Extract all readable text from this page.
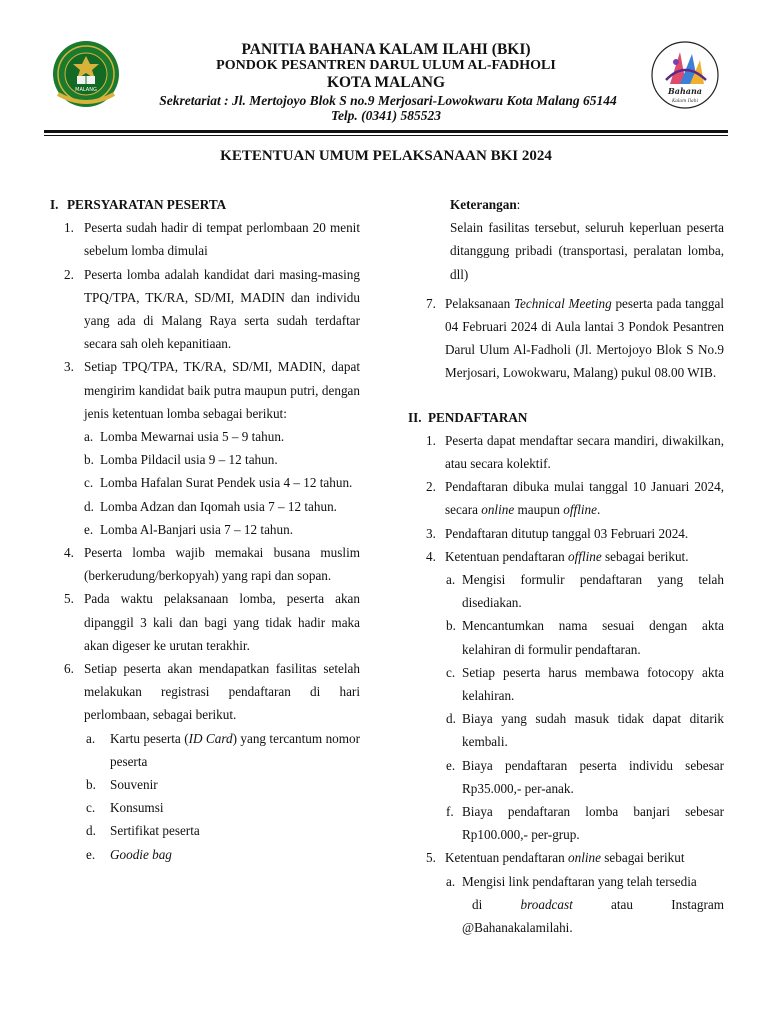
MALANG	Bahana
Kalam Ilahi
PANITIA BAHANA KALAM ILAHI (BKI)
PONDOK PESANTREN DARUL ULUM AL-FADHOLI
KOTA MALANG
Sekretariat : Jl. Mertojoyo Blok S no.9 Merjosari-Lowokwaru Kota Malang 65144
Telp. (0341) 585523
KETENTUAN UMUM PELAKSANAAN BKI 2024
I. PERSYARATAN PESERTA
1. Peserta sudah hadir di tempat perlombaan 20 menit sebelum lomba dimulai
2. Peserta lomba adalah kandidat dari masing-masing TPQ/TPA, TK/RA, SD/MI, MADIN dan individu yang ada di Malang Raya serta sudah terdaftar secara sah oleh kepanitiaan.
3. Setiap TPQ/TPA, TK/RA, SD/MI, MADIN, dapat mengirim kandidat baik putra maupun putri, dengan jenis ketentuan lomba sebagai berikut:
a. Lomba Mewarnai usia 5 – 9 tahun.
b. Lomba Pildacil usia 9 – 12 tahun.
c. Lomba Hafalan Surat Pendek usia 4 – 12 tahun.
d. Lomba Adzan dan Iqomah usia 7 – 12 tahun.
e. Lomba Al-Banjari usia 7 – 12 tahun.
4. Peserta lomba wajib memakai busana muslim (berkerudung/berkopyah) yang rapi dan sopan.
5. Pada waktu pelaksanaan lomba, peserta akan dipanggil 3 kali dan bagi yang tidak hadir maka akan digeser ke urutan terakhir.
6. Setiap peserta akan mendapatkan fasilitas setelah melakukan registrasi pendaftaran di hari perlombaan, sebagai berikut.
a. Kartu peserta (ID Card) yang tercantum nomor peserta
b. Souvenir
c. Konsumsi
d. Sertifikat peserta
e. Goodie bag
Keterangan:
Selain fasilitas tersebut, seluruh keperluan peserta ditanggung pribadi (transportasi, peralatan lomba, dll)
7. Pelaksanaan Technical Meeting peserta pada tanggal 04 Februari 2024 di Aula lantai 3 Pondok Pesantren Darul Ulum Al-Fadholi (Jl. Mertojoyo Blok S No.9 Merjosari, Lowokwaru, Malang) pukul 08.00 WIB.
II. PENDAFTARAN
1. Peserta dapat mendaftar secara mandiri, diwakilkan, atau secara kolektif.
2. Pendaftaran dibuka mulai tanggal 10 Januari 2024, secara online maupun offline.
3. Pendaftaran ditutup tanggal 03 Februari 2024.
4. Ketentuan pendaftaran offline sebagai berikut.
a. Mengisi formulir pendaftaran yang telah disediakan.
b. Mencantumkan nama sesuai dengan akta kelahiran di formulir pendaftaran.
c. Setiap peserta harus membawa fotocopy akta kelahiran.
d. Biaya yang sudah masuk tidak dapat ditarik kembali.
e. Biaya pendaftaran peserta individu sebesar Rp35.000,- per-anak.
f. Biaya pendaftaran lomba banjari sebesar Rp100.000,- per-grup.
5. Ketentuan pendaftaran online sebagai berikut
a. Mengisi link pendaftaran yang telah tersedia
di	broadcast	atau	Instagram
@Bahanakalamilahi.
